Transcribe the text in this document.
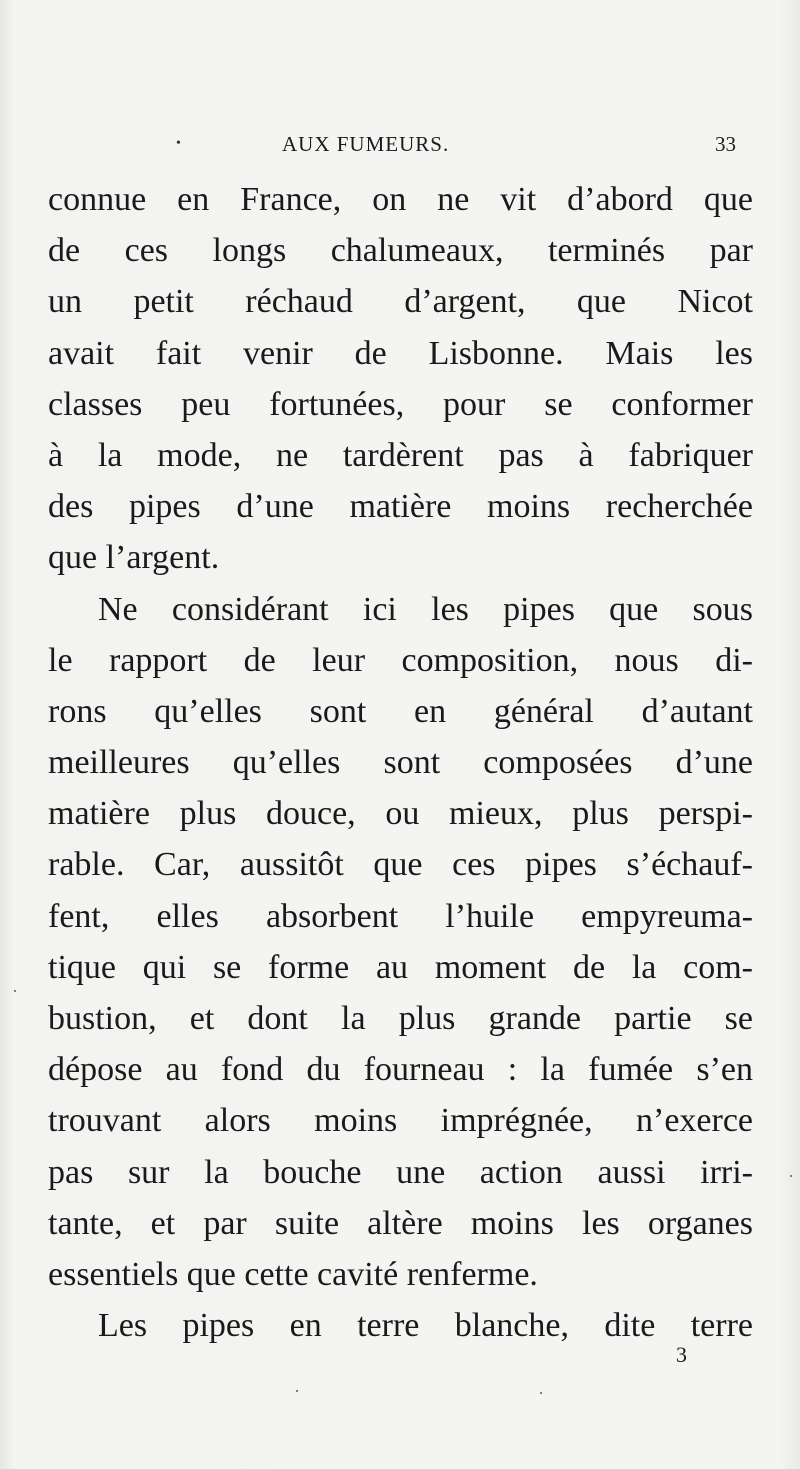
•	AUX FUMEURS.	33
connue en France, on ne vit d’abord que
de ces longs chalumeaux, terminés par
un petit réchaud d’argent, que Nicot
avait fait venir de Lisbonne. Mais les
classes peu fortunées, pour se conformer
à la mode, ne tardèrent pas à fabriquer
des pipes d’une matière moins recherchée
que l’argent.
Ne considérant ici les pipes que sous
le rapport de leur composition, nous di-
rons qu’elles sont en général d’autant
meilleures qu’elles sont composées d’une
matière plus douce, ou mieux, plus perspi-
rable. Car, aussitôt que ces pipes s’échauf-
fent, elles absorbent l’huile empyreuma-
tique qui se forme au moment de la com-
bustion, et dont la plus grande partie se
dépose au fond du fourneau : la fumée s’en
trouvant alors moins imprégnée, n’exerce
pas sur la bouche une action aussi irri-
tante, et par suite altère moins les organes
essentiels que cette cavité renferme.
Les pipes en terre blanche, dite terre
3
